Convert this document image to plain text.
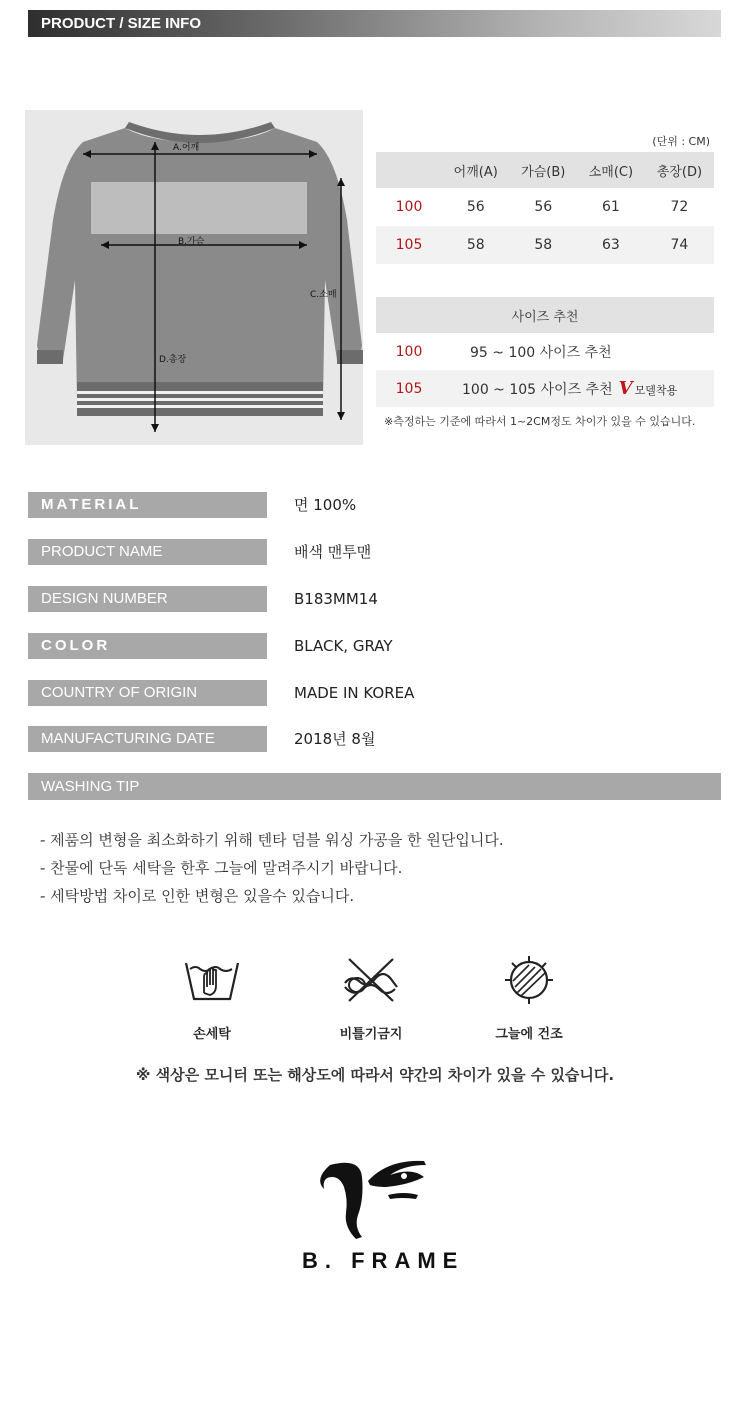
PRODUCT / SIZE INFO
A.어깨
B.가슴
C.소매
D.총장
(단위 : CM)
	어깨(A)	가슴(B)	소매(C)	총장(D)
100	56	56	61	72
105	58	58	63	74
사이즈 추천	
100	95 ~ 100 사이즈 추천
105	100 ~ 105 사이즈 추천 V 모델착용
※측정하는 기준에 따라서 1~2CM정도 차이가 있을 수 있습니다.
MATERIAL	면 100%
PRODUCT NAME	배색 맨투맨
DESIGN NUMBER	B183MM14
COLOR	BLACK, GRAY
COUNTRY OF ORIGIN	MADE IN KOREA
MANUFACTURING DATE	2018년 8월
WASHING TIP
- 제품의 변형을 최소화하기 위해 텐타 덤블 워싱 가공을 한 원단입니다.
- 찬물에 단독 세탁을 한후 그늘에 말려주시기 바랍니다.
- 세탁방법 차이로 인한 변형은 있을수 있습니다.
손세탁	비틀기금지	그늘에 건조
※ 색상은 모니터 또는 해상도에 따라서 약간의 차이가 있을 수 있습니다.
B. FRAME
